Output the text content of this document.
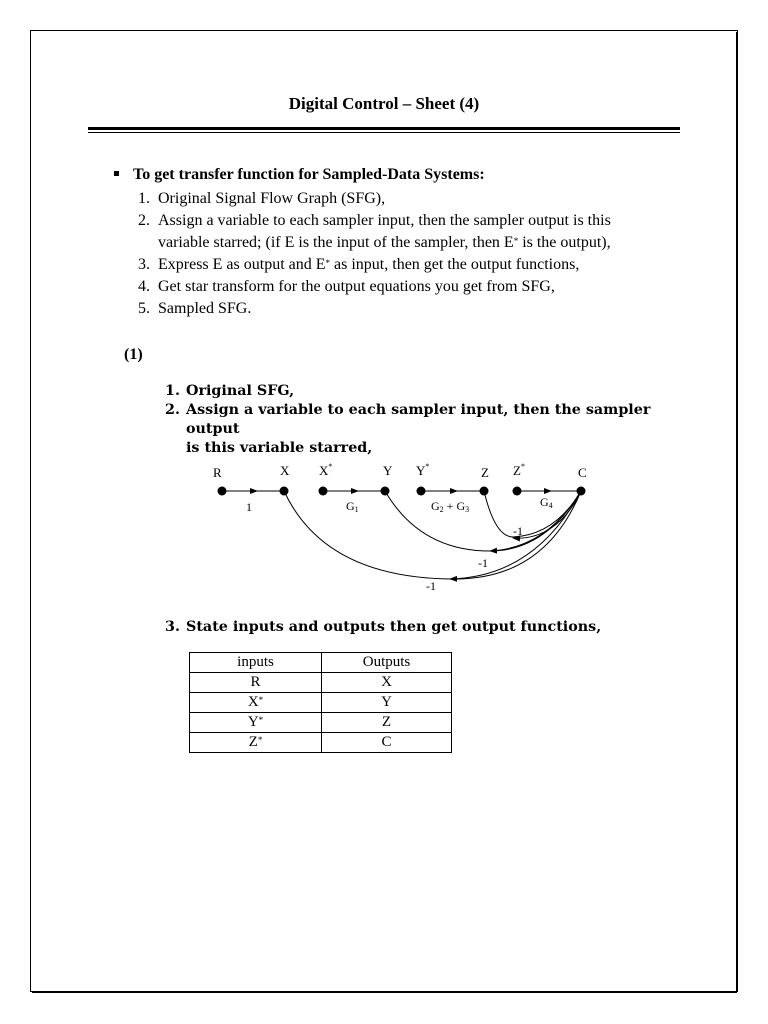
Digital Control – Sheet (4)
To get transfer function for Sampled-Data Systems:
1. Original Signal Flow Graph (SFG),
2. Assign a variable to each sampler input, then the sampler output is this
variable starred; (if E is the input of the sampler, then E* is the output),
3. Express E as output and E* as input, then get the output functions,
4. Get star transform for the output equations you get from SFG,
5. Sampled SFG.
(1)
1. Original SFG,
2. Assign a variable to each sampler input, then the sampler output
is this variable starred,
R	X X*	Y Y*	Z Z*	C
1	G1	G2 + G3
G4
-1
-1
-1
3. State inputs and outputs then get output functions,
inputs	Outputs
R	X
X*	Y
Y*	Z
Z*	C
